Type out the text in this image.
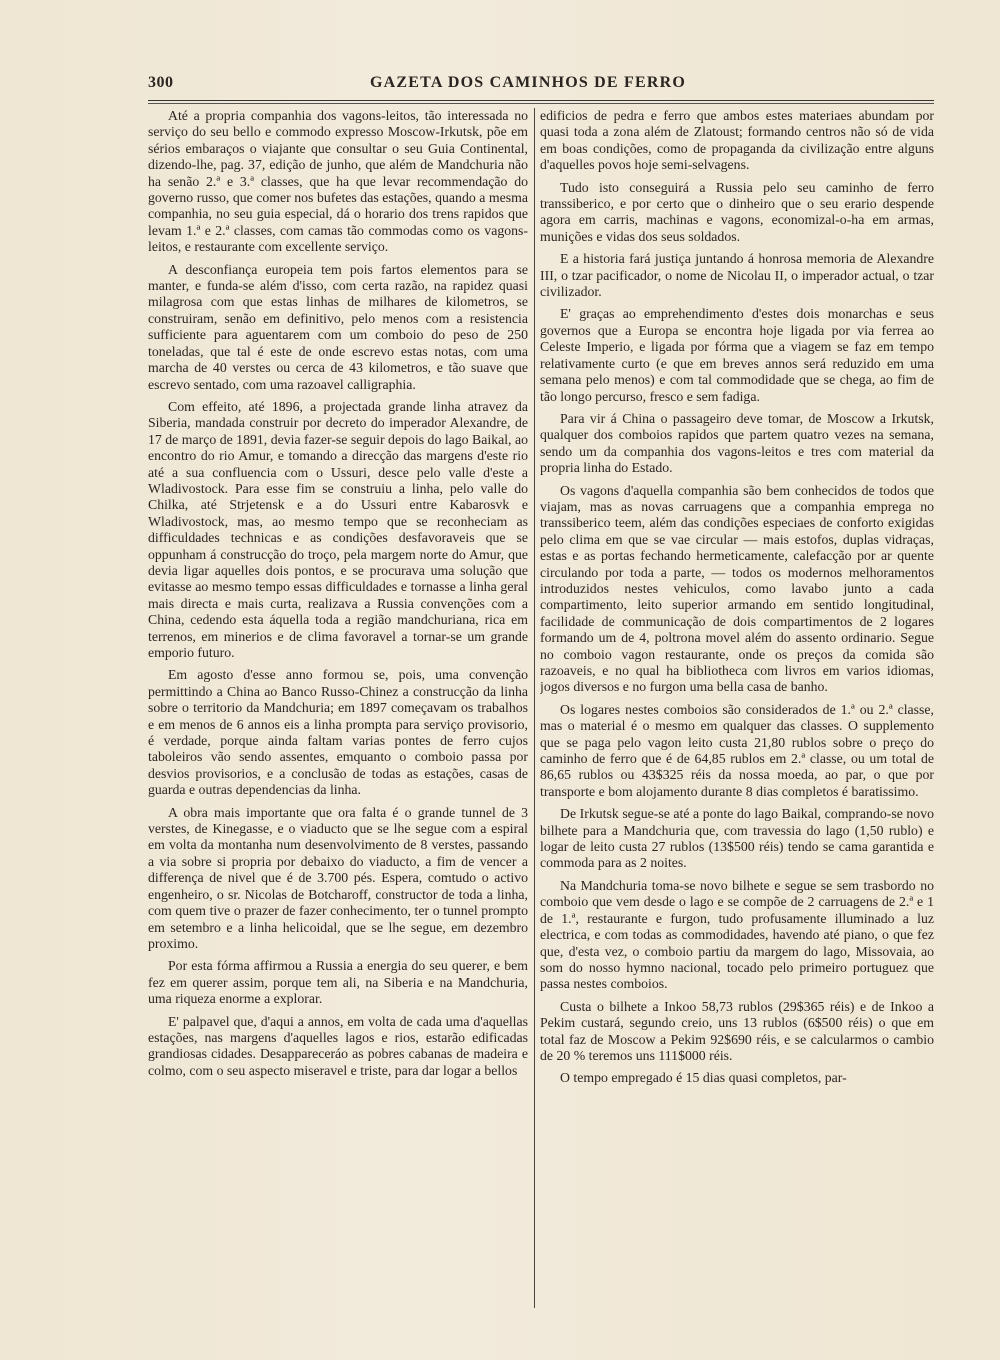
300	GAZETA DOS CAMINHOS DE FERRO

Até a propria companhia dos vagons-leitos, tão interessada no serviço do seu bello e commodo expresso Moscow-Irkutsk, põe em sérios embaraços o viajante que consultar o seu Guia Continental, dizendo-lhe, pag. 37, edição de junho, que além de Mandchuria não ha senão 2.ª e 3.ª classes, que ha que levar recommendação do governo russo, que comer nos bufetes das estações, quando a mesma companhia, no seu guia especial, dá o horario dos trens rapidos que levam 1.ª e 2.ª classes, com camas tão commodas como os vagons-leitos, e restaurante com excellente serviço.

A desconfiança europeia tem pois fartos elementos para se manter, e funda-se além d'isso, com certa razão, na rapidez quasi milagrosa com que estas linhas de milhares de kilometros, se construiram, senão em definitivo, pelo menos com a resistencia sufficiente para aguentarem com um comboio do peso de 250 toneladas, que tal é este de onde escrevo estas notas, com uma marcha de 40 verstes ou cerca de 43 kilometros, e tão suave que escrevo sentado, com uma razoavel calligraphia.

Com effeito, até 1896, a projectada grande linha atravez da Siberia, mandada construir por decreto do imperador Alexandre, de 17 de março de 1891, devia fazer-se seguir depois do lago Baikal, ao encontro do rio Amur, e tomando a direcção das margens d'este rio até a sua confluencia com o Ussuri, desce pelo valle d'este a Wladivostock. Para esse fim se construiu a linha, pelo valle do Chilka, até Strjetensk e a do Ussuri entre Kabarosvk e Wladivostock, mas, ao mesmo tempo que se reconheciam as difficuldades technicas e as condições desfavoraveis que se oppunham á construcção do troço, pela margem norte do Amur, que devia ligar aquelles dois pontos, e se procurava uma solução que evitasse ao mesmo tempo essas difficuldades e tornasse a linha geral mais directa e mais curta, realizava a Russia convenções com a China, cedendo esta áquella toda a região mandchuriana, rica em terrenos, em minerios e de clima favoravel a tornar-se um grande emporio futuro.

Em agosto d'esse anno formou se, pois, uma convenção permittindo a China ao Banco Russo-Chinez a construcção da linha sobre o territorio da Mandchuria; em 1897 começavam os trabalhos e em menos de 6 annos eis a linha prompta para serviço provisorio, é verdade, porque ainda faltam varias pontes de ferro cujos taboleiros vão sendo assentes, emquanto o comboio passa por desvios provisorios, e a conclusão de todas as estações, casas de guarda e outras dependencias da linha.

A obra mais importante que ora falta é o grande tunnel de 3 verstes, de Kinegasse, e o viaducto que se lhe segue com a espiral em volta da montanha num desenvolvimento de 8 verstes, passando a via sobre si propria por debaixo do viaducto, a fim de vencer a differença de nivel que é de 3.700 pés. Espera, comtudo o activo engenheiro, o sr. Nicolas de Botcharoff, constructor de toda a linha, com quem tive o prazer de fazer conhecimento, ter o tunnel prompto em setembro e a linha helicoidal, que se lhe segue, em dezembro proximo.

Por esta fórma affirmou a Russia a energia do seu querer, e bem fez em querer assim, porque tem ali, na Siberia e na Mandchuria, uma riqueza enorme a explorar.

E' palpavel que, d'aqui a annos, em volta de cada uma d'aquellas estações, nas margens d'aquelles lagos e rios, estarão edificadas grandiosas cidades. Desappareceráo as pobres cabanas de madeira e colmo, com o seu aspecto miseravel e triste, para dar logar a bellos

edificios de pedra e ferro que ambos estes materiaes abundam por quasi toda a zona além de Zlatoust; formando centros não só de vida em boas condições, como de propaganda da civilização entre alguns d'aquelles povos hoje semi-selvagens.

Tudo isto conseguirá a Russia pelo seu caminho de ferro transsiberico, e por certo que o dinheiro que o seu erario despende agora em carris, machinas e vagons, economizal-o-ha em armas, munições e vidas dos seus soldados.

E a historia fará justiça juntando á honrosa memoria de Alexandre III, o tzar pacificador, o nome de Nicolau II, o imperador actual, o tzar civilizador.

E' graças ao emprehendimento d'estes dois monarchas e seus governos que a Europa se encontra hoje ligada por via ferrea ao Celeste Imperio, e ligada por fórma que a viagem se faz em tempo relativamente curto (e que em breves annos será reduzido em uma semana pelo menos) e com tal commodidade que se chega, ao fim de tão longo percurso, fresco e sem fadiga.

Para vir á China o passageiro deve tomar, de Moscow a Irkutsk, qualquer dos comboios rapidos que partem quatro vezes na semana, sendo um da companhia dos vagons-leitos e tres com material da propria linha do Estado.

Os vagons d'aquella companhia são bem conhecidos de todos que viajam, mas as novas carruagens que a companhia emprega no transsiberico teem, além das condições especiaes de conforto exigidas pelo clima em que se vae circular — mais estofos, duplas vidraças, estas e as portas fechando hermeticamente, calefacção por ar quente circulando por toda a parte, — todos os modernos melhoramentos introduzidos nestes vehiculos, como lavabo junto a cada compartimento, leito superior armando em sentido longitudinal, facilidade de communicação de dois compartimentos de 2 logares formando um de 4, poltrona movel além do assento ordinario. Segue no comboio vagon restaurante, onde os preços da comida são razoaveis, e no qual ha bibliotheca com livros em varios idiomas, jogos diversos e no furgon uma bella casa de banho.

Os logares nestes comboios são considerados de 1.ª ou 2.ª classe, mas o material é o mesmo em qualquer das classes. O supplemento que se paga pelo vagon leito custa 21,80 rublos sobre o preço do caminho de ferro que é de 64,85 rublos em 2.ª classe, ou um total de 86,65 rublos ou 43$325 réis da nossa moeda, ao par, o que por transporte e bom alojamento durante 8 dias completos é baratissimo.

De Irkutsk segue-se até a ponte do lago Baikal, comprando-se novo bilhete para a Mandchuria que, com travessia do lago (1,50 rublo) e logar de leito custa 27 rublos (13$500 réis) tendo se cama garantida e commoda para as 2 noites.

Na Mandchuria toma-se novo bilhete e segue se sem trasbordo no comboio que vem desde o lago e se compõe de 2 carruagens de 2.ª e 1 de 1.ª, restaurante e furgon, tudo profusamente illuminado a luz electrica, e com todas as commodidades, havendo até piano, o que fez que, d'esta vez, o comboio partiu da margem do lago, Missovaia, ao som do nosso hymno nacional, tocado pelo primeiro portuguez que passa nestes comboios.

Custa o bilhete a Inkoo 58,73 rublos (29$365 réis) e de Inkoo a Pekim custará, segundo creio, uns 13 rublos (6$500 réis) o que em total faz de Moscow a Pekim 92$690 réis, e se calcularmos o cambio de 20 % teremos uns 111$000 réis.

O tempo empregado é 15 dias quasi completos, par-
